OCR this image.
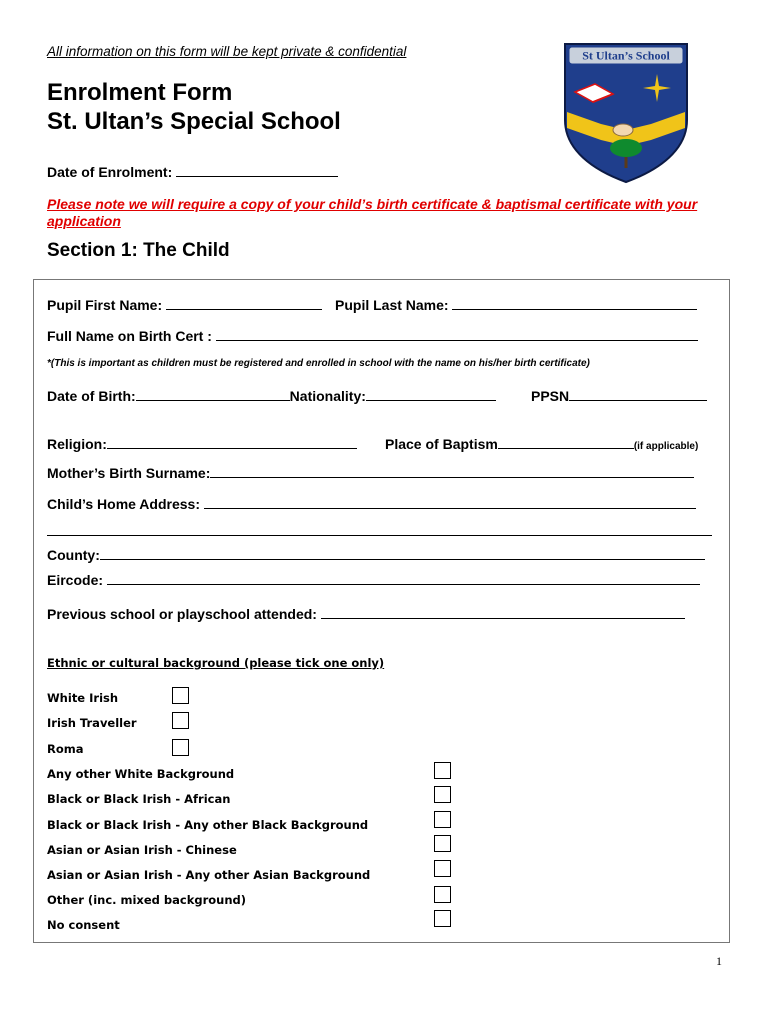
All information on this form will be kept private & confidential
Enrolment Form
St. Ultan’s Special School
Date of Enrolment:
Please note we will require a copy of your child’s birth certificate & baptismal certificate with your application
St Ultan’s School
Section 1: The Child
Pupil First Name:	Pupil Last Name:
Full Name on Birth Cert :
*(This is important as children must be registered and enrolled in school with the name on his/her birth certificate)
Date of Birth:	Nationality:	PPSN
Religion:	Place of Baptism	(if applicable)
Mother’s Birth Surname:
Child’s Home Address:
County:
Eircode:
Previous school or playschool attended:
Ethnic or cultural background (please tick one only)
White Irish
Irish Traveller
Roma
Any other White Background
Black or Black Irish - African
Black or Black Irish - Any other Black Background
Asian or Asian Irish - Chinese
Asian or Asian Irish - Any other Asian Background
Other (inc. mixed background)
No consent
1
